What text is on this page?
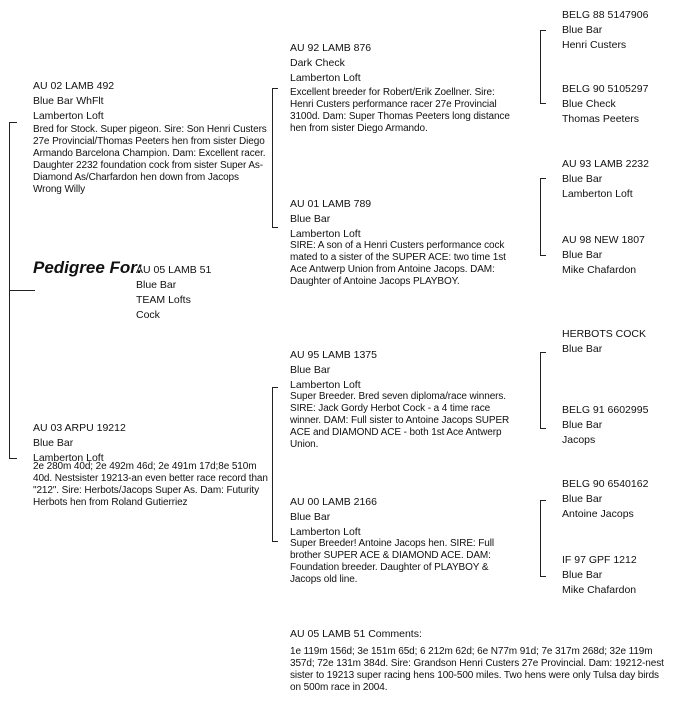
Pedigree For:
AU 05 LAMB 51
Blue Bar
TEAM Lofts
Cock
AU 02 LAMB 492
Blue Bar WhFlt
Lamberton Loft
Bred for Stock. Super pigeon. Sire: Son Henri Custers 27e Provincial/Thomas Peeters hen from sister Diego Armando Barcelona Champion. Dam: Excellent racer. Daughter 2232 foundation cock from sister Super As-Diamond As/Charfardon hen down from Jacops Wrong Willy
AU 03 ARPU 19212
Blue Bar
Lamberton Loft
2e 280m 40d; 2e 492m 46d; 2e 491m 17d;8e 510m 40d. Nestsister 19213-an even better race record than "212". Sire: Herbots/Jacops Super As. Dam: Futurity Herbots hen from Roland Gutierriez
AU 92 LAMB 876
Dark Check
Lamberton Loft
Excellent breeder for Robert/Erik Zoellner. Sire: Henri Custers performance racer 27e Provincial 3100d. Dam: Super Thomas Peeters long distance hen from sister Diego Armando.
AU 01 LAMB 789
Blue Bar
Lamberton Loft
SIRE: A son of a Henri Custers performance cock mated to a sister of the SUPER ACE: two time 1st Ace Antwerp Union from Antoine Jacops. DAM: Daughter of Antoine Jacops PLAYBOY.
AU 95 LAMB 1375
Blue Bar
Lamberton Loft
Super Breeder. Bred seven diploma/race winners. SIRE: Jack Gordy Herbot Cock - a 4 time race winner. DAM: Full sister to Antoine Jacops SUPER ACE and DIAMOND ACE - both 1st Ace Antwerp Union.
AU 00 LAMB 2166
Blue Bar
Lamberton Loft
Super Breeder! Antoine Jacops hen. SIRE: Full brother SUPER ACE & DIAMOND ACE. DAM: Foundation breeder. Daughter of PLAYBOY & Jacops old line.
BELG 88 5147906
Blue Bar
Henri Custers
BELG 90 5105297
Blue Check
Thomas Peeters
AU 93 LAMB 2232
Blue Bar
Lamberton Loft
AU 98 NEW 1807
Blue Bar
Mike Chafardon
HERBOTS COCK
Blue Bar
BELG 91 6602995
Blue Bar
Jacops
BELG 90 6540162
Blue Bar
Antoine Jacops
IF 97 GPF 1212
Blue Bar
Mike Chafardon
AU 05 LAMB 51 Comments:
1e 119m 156d; 3e 151m 65d; 6 212m 62d; 6e N77m 91d; 7e 317m 268d; 32e 119m 357d; 72e 131m 384d. Sire: Grandson Henri Custers 27e Provincial. Dam: 19212-nest sister to 19213 super racing hens 100-500 miles. Two hens were only Tulsa day birds on 500m race in 2004.
